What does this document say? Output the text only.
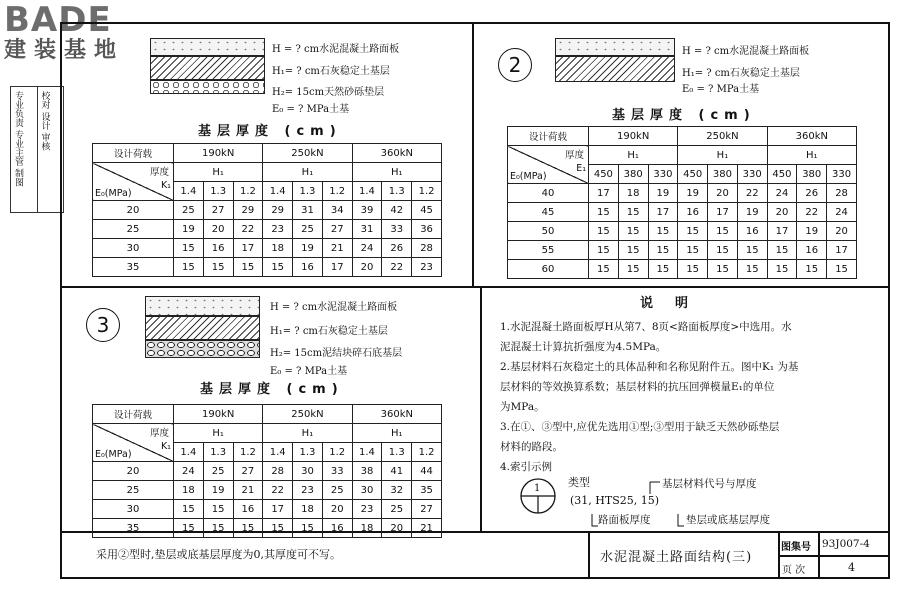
BADE
建装基地
专业负责 专业主管 制图

校对 设计 审核
H = ? cm水泥混凝土路面板
H₁= ? cm石灰稳定土基层
H₂= 15cm天然砂砾垫层
E₀ = ? MPa土基
基层厚度 (cm)
设计荷载	190kN			250kN			360kN		

厚度
K₁
E₀(MPa)	H₁			H₁			H₁		
	1.4	1.3	1.2	1.4	1.3	1.2	1.4	1.3	1.2
20	25	27	29	29	31	34	39	42	45
25	19	20	22	23	25	27	31	33	36
30	15	16	17	18	19	21	24	26	28
35	15	15	15	15	16	17	20	22	23
2
H = ? cm水泥混凝土路面板
H₁= ? cm石灰稳定土基层
E₀ = ? MPa土基
基层厚度 (cm)
设计荷载	190kN			250kN			360kN		

厚度
E₁
E₀(MPa)	H₁			H₁			H₁		
	450	380	330	450	380	330	450	380	330
40	17	18	19	19	20	22	24	26	28
45	15	15	17	16	17	19	20	22	24
50	15	15	15	15	15	16	17	19	20
55	15	15	15	15	15	15	15	16	17
60	15	15	15	15	15	15	15	15	15
3
H = ? cm水泥混凝土路面板
H₁= ? cm石灰稳定土基层
H₂= 15cm泥结块碎石底基层
E₀ = ? MPa土基
基层厚度 (cm)
设计荷载	190kN			250kN			360kN		

厚度
K₁
E₀(MPa)	H₁			H₁			H₁		
	1.4	1.3	1.2	1.4	1.3	1.2	1.4	1.3	1.2
20	24	25	27	28	30	33	38	41	44
25	18	19	21	22	23	25	30	32	35
30	15	15	16	17	18	20	23	25	27
35	15	15	15	15	15	16	18	20	21
说明
1.水泥混凝土路面板厚H从第7、8页<路面板厚度>中选用。水
泥混凝土计算抗折强度为4.5MPa。
2.基层材料石灰稳定土的具体品种和名称见附件五。图中K₁ 为基
层材料的等效换算系数；基层材料的抗压回弹模量E₁的单位
为MPa。
3.在①、③型中,应优先选用①型;③型用于缺乏天然砂砾垫层
材料的路段。
4.索引示例
1	类型	基层材料代号与厚度
(31, HTS25, 15)
路面板厚度	垫层或底基层厚度
采用②型时,垫层或底基层厚度为0,其厚度可不写。	水泥混凝土路面结构(三)
图集号 93J007-4
页 次	4
